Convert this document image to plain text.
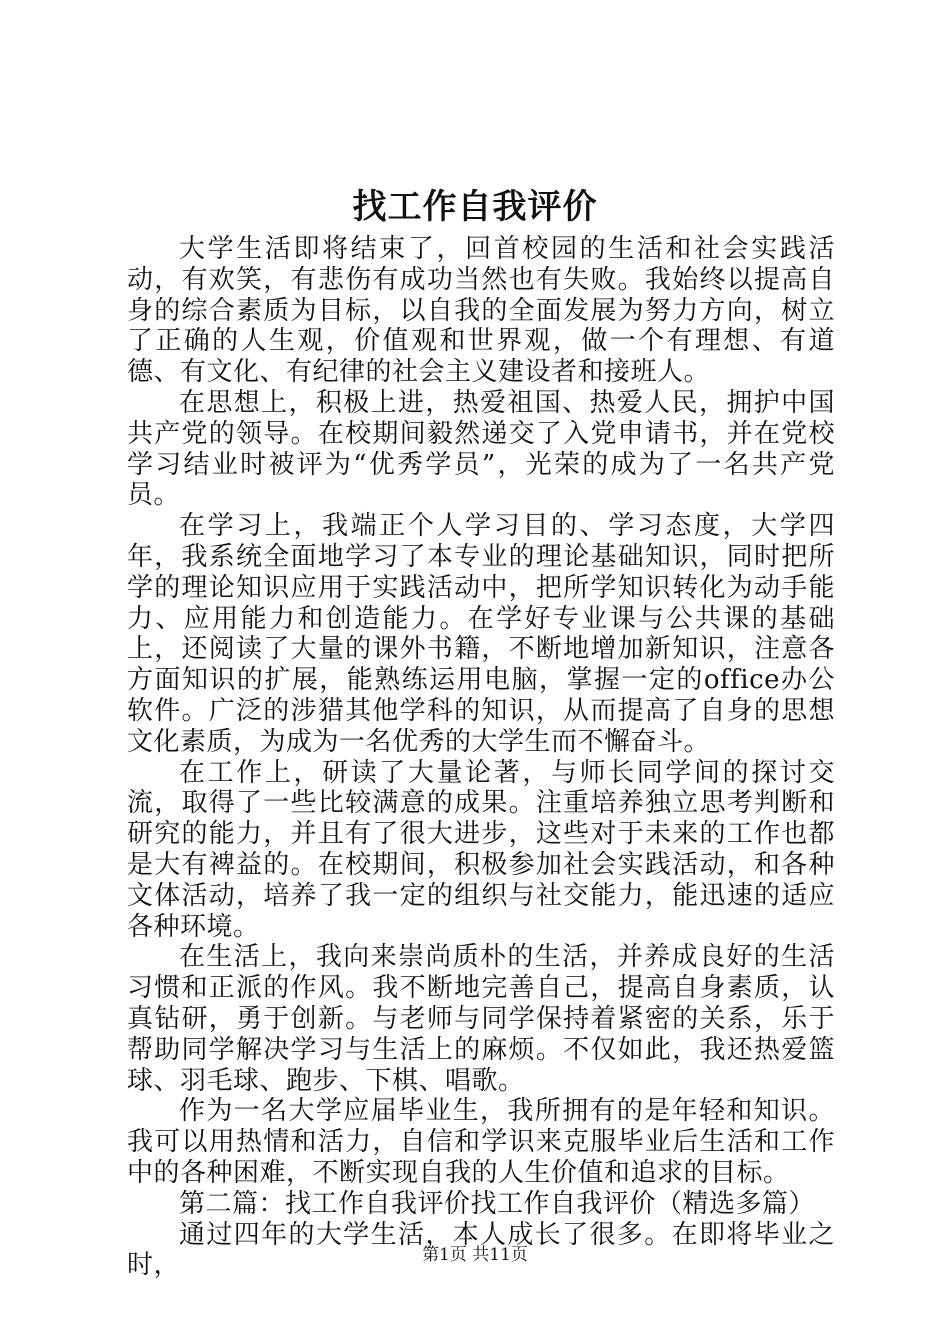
找工作自我评价

大学生活即将结束了，回首校园的生活和社会实践活动，有欢笑，有悲伤有成功当然也有失败。我始终以提高自身的综合素质为目标，以自我的全面发展为努力方向，树立了正确的人生观，价值观和世界观，做一个有理想、有道德、有文化、有纪律的社会主义建设者和接班人。

在思想上，积极上进，热爱祖国、热爱人民，拥护中国共产党的领导。在校期间毅然递交了入党申请书，并在党校学习结业时被评为“优秀学员”，光荣的成为了一名共产党员。

在学习上，我端正个人学习目的、学习态度，大学四年，我系统全面地学习了本专业的理论基础知识，同时把所学的理论知识应用于实践活动中，把所学知识转化为动手能力、应用能力和创造能力。在学好专业课与公共课的基础上，还阅读了大量的课外书籍，不断地增加新知识，注意各方面知识的扩展，能熟练运用电脑，掌握一定的office办公软件。广泛的涉猎其他学科的知识，从而提高了自身的思想文化素质，为成为一名优秀的大学生而不懈奋斗。

在工作上，研读了大量论著，与师长同学间的探讨交流，取得了一些比较满意的成果。注重培养独立思考判断和研究的能力，并且有了很大进步，这些对于未来的工作也都是大有裨益的。在校期间，积极参加社会实践活动，和各种文体活动，培养了我一定的组织与社交能力，能迅速的适应各种环境。

在生活上，我向来崇尚质朴的生活，并养成良好的生活习惯和正派的作风。我不断地完善自己，提高自身素质，认真钻研，勇于创新。与老师与同学保持着紧密的关系，乐于帮助同学解决学习与生活上的麻烦。不仅如此，我还热爱篮球、羽毛球、跑步、下棋、唱歌。

作为一名大学应届毕业生，我所拥有的是年轻和知识。我可以用热情和活力，自信和学识来克服毕业后生活和工作中的各种困难，不断实现自我的人生价值和追求的目标。

第二篇：找工作自我评价找工作自我评价（精选多篇）

通过四年的大学生活，本人成长了很多。在即将毕业之时，	第1页 共11页
